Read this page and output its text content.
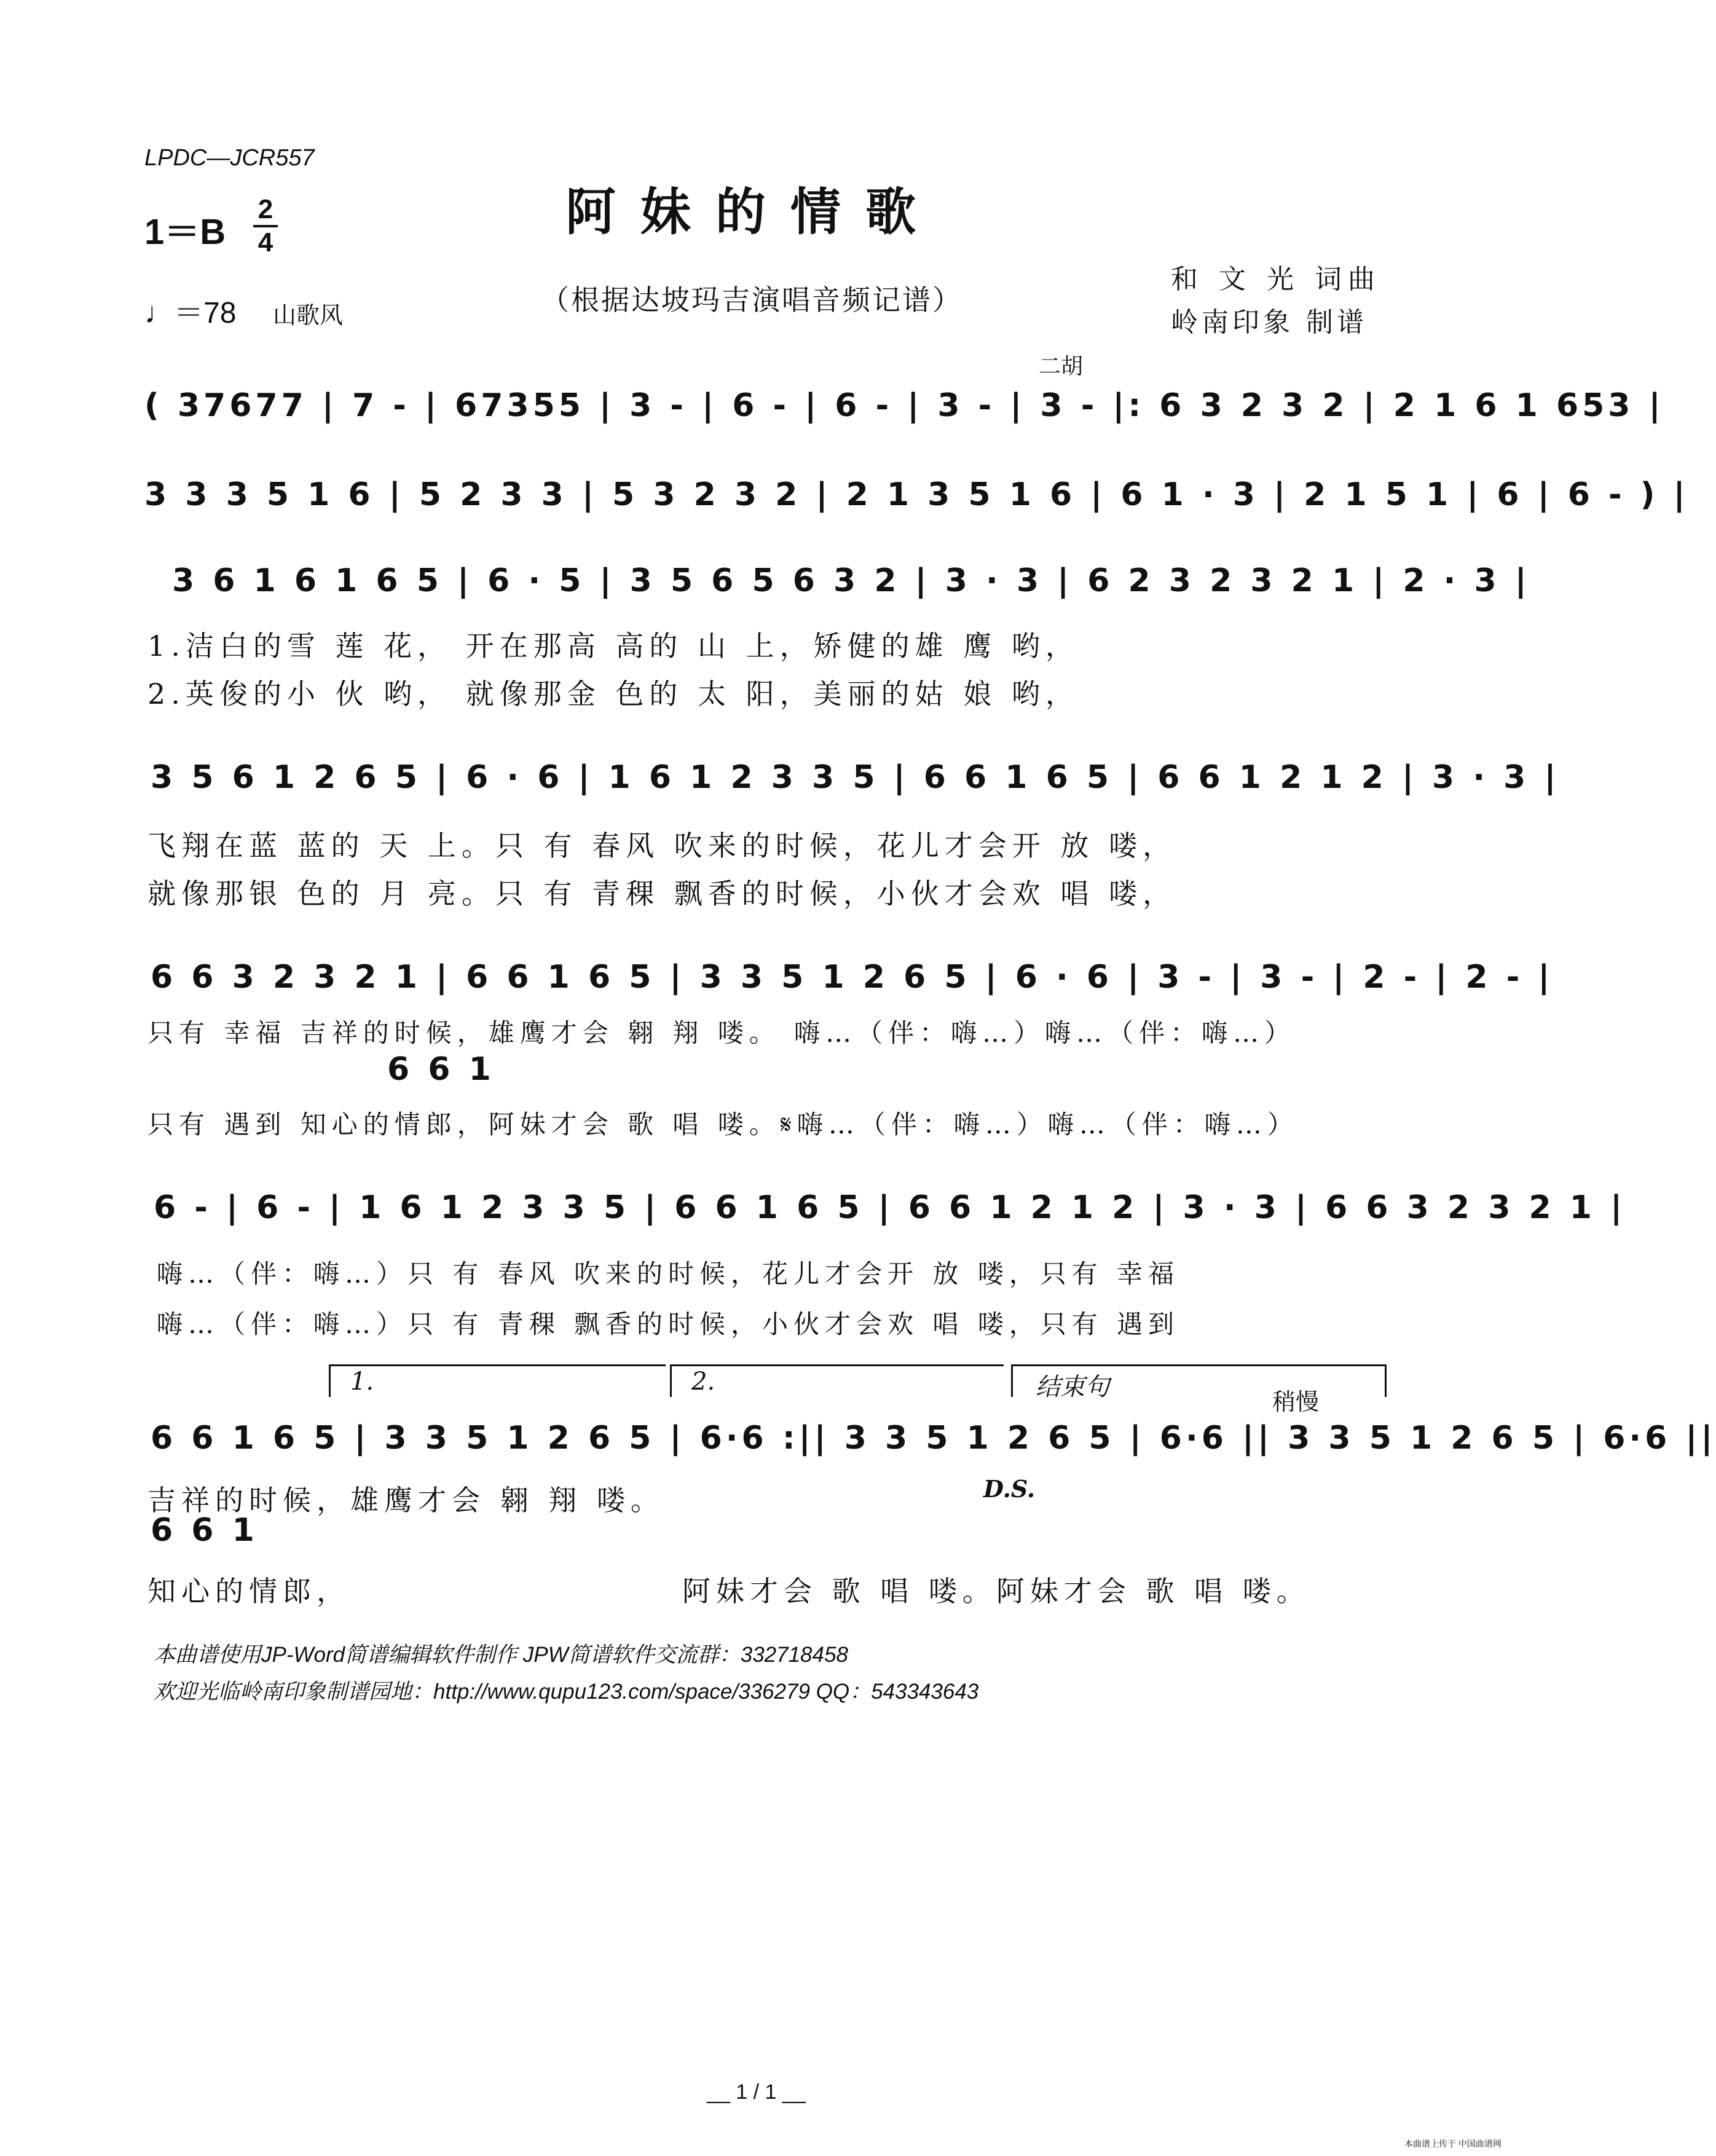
LPDC—JCR557
阿妹的情歌
1＝B
2
4
♩＝78 山歌风	（根据达坡玛吉演唱音频记谱）
和 文 光 词曲
岭南印象 制谱
二胡
( 37677 | 7 - | 67355 | 3 - | 6 - | 6 - | 3 - | 3 - |: 6 3 2 3 2 | 2 1 6 1 653 |
3 3 3 5 1 6 | 5 2 3 3 | 5 3 2 3 2 | 2 1 3 5 1 6 | 6 1 · 3 | 2 1 5 1 | 6 | 6 - ) |
3 6 1 6 1 6 5 | 6 · 5 | 3 5 6 5 6 3 2 | 3 · 3 | 6 2 3 2 3 2 1 | 2 · 3 |
1.洁白的雪 莲 花， 开在那高 高的 山 上，矫健的雄 鹰 哟，
2.英俊的小 伙 哟， 就像那金 色的 太 阳，美丽的姑 娘 哟，
3 5 6 1 2 6 5 | 6 · 6 | 1 6 1 2 3 3 5 | 6 6 1 6 5 | 6 6 1 2 1 2 | 3 · 3 |
飞翔在蓝 蓝的 天 上。只 有 春风 吹来的时候，花儿才会开 放 喽，
6 6 3 2 3 2 1 | 6 6 1 6 5 | 3 3 5 1 2 6 5 | 6 · 6 | 3 - | 3 - | 2 - | 2 - |
6 6 1
只有 幸福 吉祥的时候，雄鹰才会 翱 翔 喽。 嗨…（伴：嗨…）嗨…（伴：嗨…）
只有 遇到 知心的情郎，阿妹才会 歌 唱 喽。𝄋嗨…（伴：嗨…）嗨…（伴：嗨…）
6 - | 6 - | 1 6 1 2 3 3 5 | 6 6 1 6 5 | 6 6 1 2 1 2 | 3 · 3 | 6 6 3 2 3 2 1 |
嗨…（伴：嗨…）只 有 春风 吹来的时候，花儿才会开 放 喽，只有 幸福
嗨…（伴：嗨…）只 有 青稞 飘香的时候，小伙才会欢 唱 喽，只有 遇到
1.	2.	结束句
稍慢
6 6 1 6 5 | 3 3 5 1 2 6 5 | 6·6 :|| 3 3 5 1 2 6 5 | 6·6 || 3 3 5 1 2 6 5 | 6·6 ||
吉祥的时候，雄鹰才会 翱 翔 喽。	D.S.
6 6 1
知心的情郎，	阿妹才会 歌 唱 喽。阿妹才会 歌 唱 喽。
本曲谱使用JP-Word简谱编辑软件制作 JPW简谱软件交流群：332718458
欢迎光临岭南印象制谱园地：http://www.qupu123.com/space/336279 QQ：543343643
__ 1 / 1 __
本曲谱上传于 中国曲谱网
就像那银 色的 月 亮。只 有 青稞 飘香的时候，小伙才会欢 唱 喽，
